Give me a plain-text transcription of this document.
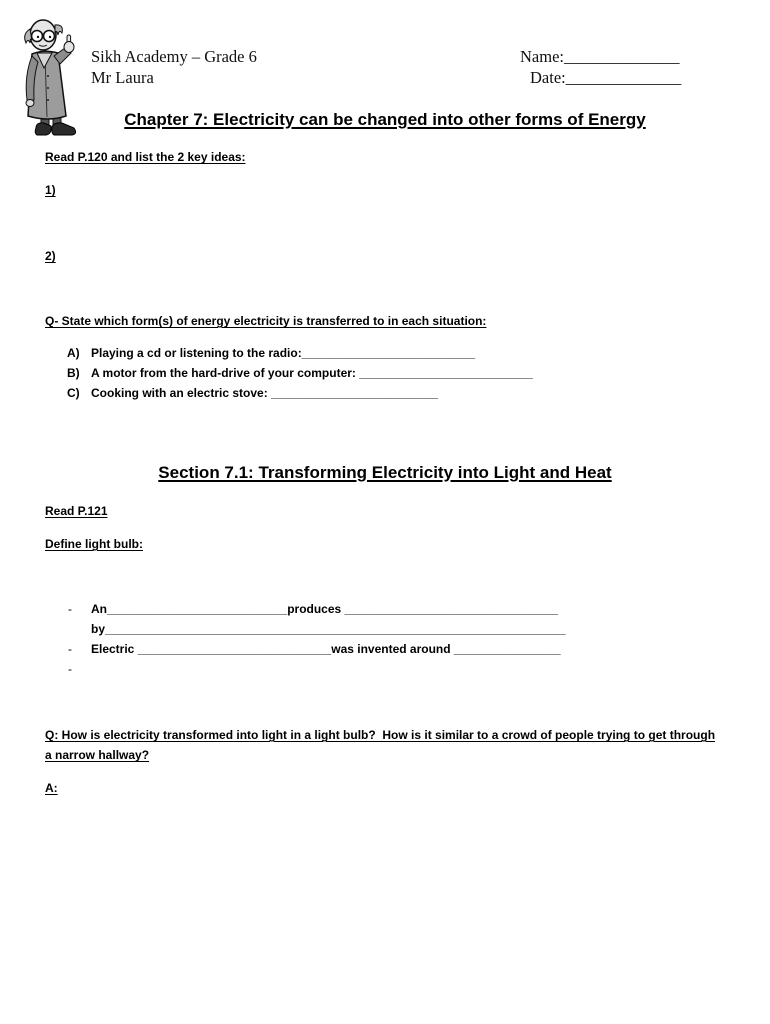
Sikh Academy – Grade 6
Mr Laura
Name:______________
Date:______________
Chapter 7: Electricity can be changed into other forms of Energy
Read P.120 and list the 2 key ideas:
1)
2)
Q- State which form(s) of energy electricity is transferred to in each situation:
A) Playing a cd or listening to the radio:__________________________
B) A motor from the hard-drive of your computer: __________________________
C) Cooking with an electric stove: _________________________
Section 7.1: Transforming Electricity into Light and Heat
Read P.121
Define light bulb:
-	An___________________________produces ________________________________
by_____________________________________________________________________
-	Electric _____________________________was invented around ________________
-
Q: How is electricity transformed into light in a light bulb?  How is it similar to a crowd of people trying to get through
a narrow hallway?
A:
